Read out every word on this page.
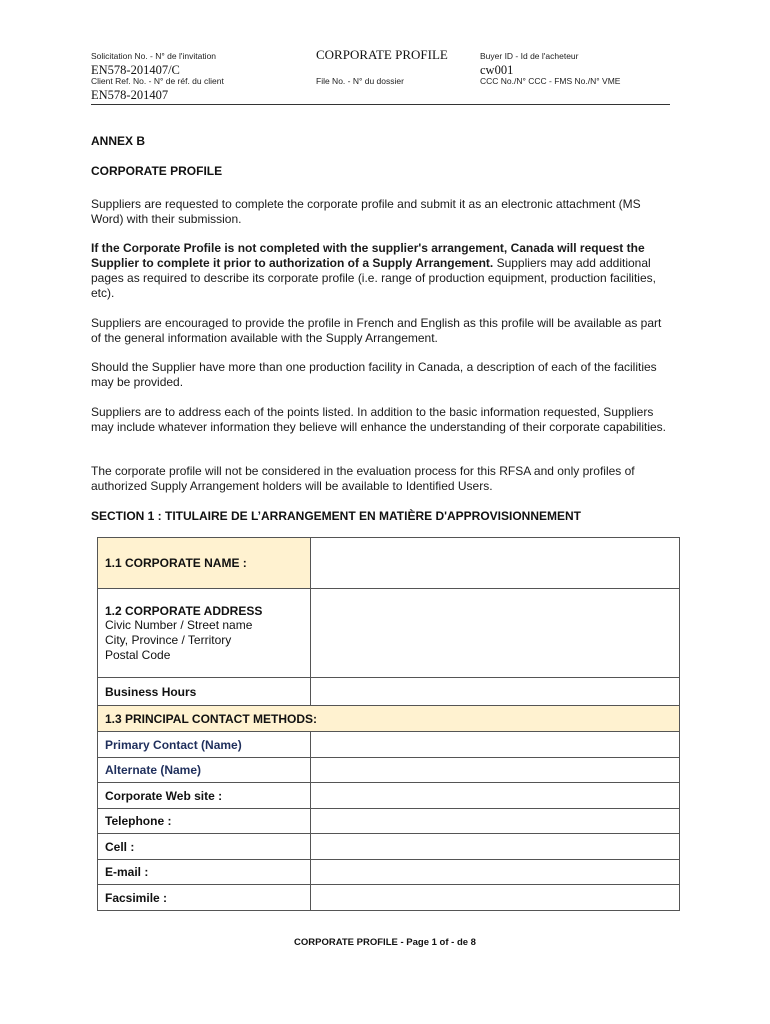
Solicitation No. - N° de l'invitation
EN578-201407/C
Client Ref. No. - N° de réf. du client
EN578-201407
CORPORATE PROFILE
File No. - N° du dossier
Buyer ID - Id de l'acheteur
cw001
CCC No./N° CCC - FMS No./N° VME
ANNEX B
CORPORATE PROFILE
Suppliers are requested to complete the corporate profile and submit it as an electronic attachment (MS Word) with their submission.
If the Corporate Profile is not completed with the supplier's arrangement, Canada will request the Supplier to complete it prior to authorization of a Supply Arrangement. Suppliers may add additional pages as required to describe its corporate profile (i.e. range of production equipment, production facilities, etc).
Suppliers are encouraged to provide the profile in French and English as this profile will be available as part of the general information available with the Supply Arrangement.
Should the Supplier have more than one production facility in Canada, a description of each of the facilities may be provided.
Suppliers are to address each of the points listed. In addition to the basic information requested, Suppliers may include whatever information they believe will enhance the understanding of their corporate capabilities.
The corporate profile will not be considered in the evaluation process for this RFSA and only profiles of authorized Supply Arrangement holders will be available to Identified Users.
SECTION 1 : TITULAIRE DE L’ARRANGEMENT EN MATIÈRE D'APPROVISIONNEMENT
1.1 CORPORATE NAME :	

1.2 CORPORATE ADDRESS
Civic Number / Street name
City, Province / Territory
Postal Code	

Business Hours	
1.3 PRINCIPAL CONTACT METHODS:	
Primary Contact (Name)	
Alternate (Name)	
Corporate Web site :	
Telephone :	
Cell :	
E-mail :	
Facsimile :	
CORPORATE PROFILE - Page 1 of - de 8
